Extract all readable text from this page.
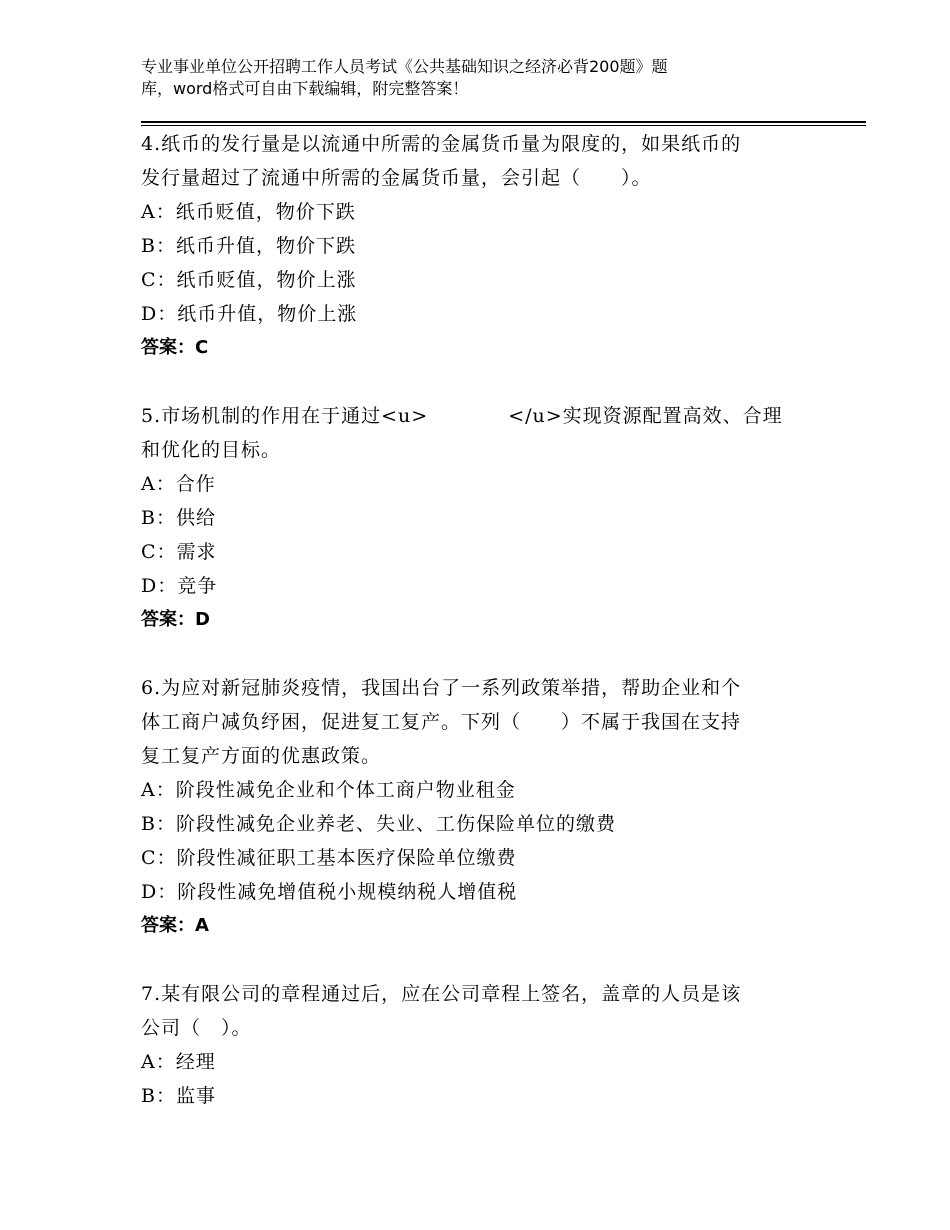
专业事业单位公开招聘工作人员考试《公共基础知识之经济必背200题》题
库，word格式可自由下载编辑，附完整答案！
4.纸币的发行量是以流通中所需的金属货币量为限度的，如果纸币的
发行量超过了流通中所需的金属货币量，会引起（　　）。
A：纸币贬值，物价下跌
B：纸币升值，物价下跌
C：纸币贬值，物价上涨
D：纸币升值，物价上涨
答案：C
5.市场机制的作用在于通过<u>　　　　</u>实现资源配置高效、合理
和优化的目标。
A：合作
B：供给
C：需求
D：竞争
答案：D
6.为应对新冠肺炎疫情，我国出台了一系列政策举措，帮助企业和个
体工商户减负纾困，促进复工复产。下列（　　）不属于我国在支持
复工复产方面的优惠政策。
A：阶段性减免企业和个体工商户物业租金
B：阶段性减免企业养老、失业、工伤保险单位的缴费
C：阶段性减征职工基本医疗保险单位缴费
D：阶段性减免增值税小规模纳税人增值税
答案：A
7.某有限公司的章程通过后，应在公司章程上签名，盖章的人员是该
公司（　）。
A：经理
B：监事
